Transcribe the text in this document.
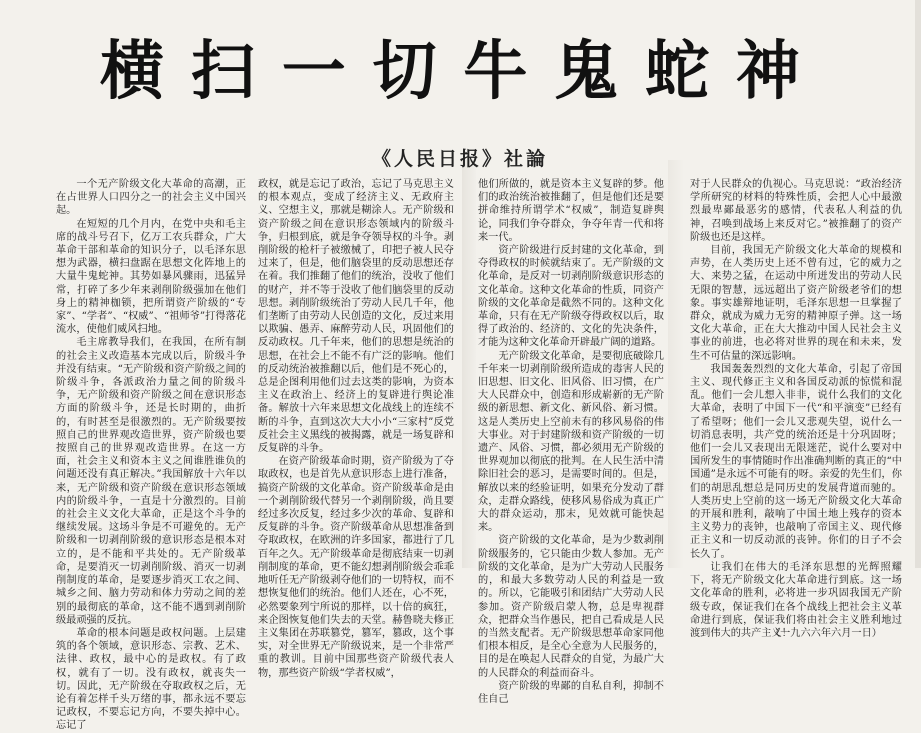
横 扫 一 切 牛 鬼 蛇 神
《人民日报》社論

一个无产阶级文化大革命的高潮，正在占世界人口四分之一的社会主义中国兴起。

在短短的几个月内，在党中央和毛主席的战斗号召下，亿万工农兵群众，广大革命干部和革命的知识分子，以毛泽东思想为武器，横扫盘踞在思想文化阵地上的大量牛鬼蛇神。其势如暴风骤雨，迅猛异常，打碎了多少年来剥削阶级强加在他们身上的精神枷锁，把所谓资产阶级的“专家”、“学者”、“权威”、“祖师爷”打得落花流水，使他们威风扫地。

毛主席教导我们，在我国，在所有制的社会主义改造基本完成以后，阶级斗争并没有结束。“无产阶级和资产阶级之间的阶级斗争，各派政治力量之间的阶级斗争，无产阶级和资产阶级之间在意识形态方面的阶级斗争，还是长时期的，曲折的，有时甚至是很激烈的。无产阶级要按照自己的世界观改造世界，资产阶级也要按照自己的世界观改造世界。在这一方面，社会主义和资本主义之间谁胜谁负的问题还没有真正解决。”我国解放十六年以来，无产阶级和资产阶级在意识形态领域内的阶级斗争，一直是十分激烈的。目前的社会主义文化大革命，正是这个斗争的继续发展。这场斗争是不可避免的。无产阶级和一切剥削阶级的意识形态是根本对立的，是不能和平共处的。无产阶级革命，是要消灭一切剥削阶级、消灭一切剥削制度的革命，是要逐步消灭工农之间、城乡之间、脑力劳动和体力劳动之间的差别的最彻底的革命，这不能不遇到剥削阶级最顽强的反抗。

革命的根本问题是政权问题。上层建筑的各个领域，意识形态、宗教、艺术、法律、政权，最中心的是政权。有了政权，就有了一切。没有政权，就丧失一切。因此，无产阶级在夺取政权之后，无论有着怎样千头万绪的事，都永远不要忘记政权，不要忘记方向，不要失掉中心。忘记了

政权，就是忘记了政治，忘记了马克思主义的根本观点，变成了经济主义、无政府主义、空想主义，那就是糊涂人。无产阶级和资产阶级之间在意识形态领域内的阶级斗争，归根到底，就是争夺领导权的斗争。剥削阶级的枪杆子被缴械了，印把子被人民夺过来了，但是，他们脑袋里的反动思想还存在着。我们推翻了他们的统治，没收了他们的财产，并不等于没收了他们脑袋里的反动思想。剥削阶级统治了劳动人民几千年，他们垄断了由劳动人民创造的文化，反过来用以欺骗、愚弄、麻醉劳动人民，巩固他们的反动政权。几千年来，他们的思想是统治的思想，在社会上不能不有广泛的影响。他们的反动统治被推翻以后，他们是不死心的，总是企图利用他们过去这类的影响，为资本主义在政治上、经济上的复辟进行舆论准备。解放十六年来思想文化战线上的连续不断的斗争，直到这次大大小小“三家村”反党反社会主义黑线的被揭露，就是一场复辟和反复辟的斗争。

在资产阶级革命时期，资产阶级为了夺取政权，也是首先从意识形态上进行准备，搞资产阶级的文化革命。资产阶级革命是由一个剥削阶级代替另一个剥削阶级，尚且要经过多次反复，经过多少次的革命、复辟和反复辟的斗争。资产阶级革命从思想准备到夺取政权，在欧洲的许多国家，都进行了几百年之久。无产阶级革命是彻底结束一切剥削制度的革命，更不能幻想剥削阶级会乖乖地听任无产阶级剥夺他们的一切特权，而不想恢复他们的统治。他们人还在，心不死，必然要象列宁所说的那样，以十倍的疯狂，来企图恢复他们失去的天堂。赫鲁晓夫修正主义集团在苏联篡党，篡军，篡政，这个事实，对全世界无产阶级说来，是一个非常严重的教训。目前中国那些资产阶级代表人物，那些资产阶级“学者权威”，

他们所做的，就是资本主义复辟的梦。他们的政治统治被推翻了，但是他们还是要拼命维持所谓学术“权威”，制造复辟舆论，同我们争夺群众，争夺年青一代和将来一代。

资产阶级进行反封建的文化革命，到夺得政权的时候就结束了。无产阶级的文化革命，是反对一切剥削阶级意识形态的文化革命。这种文化革命的性质，同资产阶级的文化革命是截然不同的。这种文化革命，只有在无产阶级夺得政权以后，取得了政治的、经济的、文化的先决条件，才能为这种文化革命开辟最广阔的道路。

无产阶级文化革命，是要彻底破除几千年来一切剥削阶级所造成的毒害人民的旧思想、旧文化、旧风俗、旧习惯，在广大人民群众中，创造和形成崭新的无产阶级的新思想、新文化、新风俗、新习惯。这是人类历史上空前未有的移风易俗的伟大事业。对于封建阶级和资产阶级的一切遗产、风俗、习惯，都必须用无产阶级的世界观加以彻底的批判。在人民生活中清除旧社会的恶习，是需要时间的。但是，解放以来的经验证明，如果充分发动了群众，走群众路线，使移风易俗成为真正广大的群众运动，那末，见效就可能快起来。

资产阶级的文化革命，是为少数剥削阶级服务的，它只能由少数人参加。无产阶级的文化革命，是为广大劳动人民服务的，和最大多数劳动人民的利益是一致的。所以，它能吸引和团结广大劳动人民参加。资产阶级启蒙人物，总是卑视群众，把群众当作愚民，把自己看成是人民的当然支配者。无产阶级思想革命家同他们根本相反，是全心全意为人民服务的，目的是在唤起人民群众的自觉，为最广大的人民群众的利益而奋斗。

资产阶级的卑鄙的自私自利，抑制不住自己

对于人民群众的仇视心。马克思说：“政治经济学所研究的材料的特殊性质，会把人心中最激烈最卑鄙最恶劣的感情，代表私人利益的仇神，召唤到战场上来反对它。”被推翻了的资产阶级也还是这样。

目前，我国无产阶级文化大革命的规模和声势，在人类历史上还不曾有过，它的威力之大、来势之猛，在运动中所迸发出的劳动人民无限的智慧，远远超出了资产阶级老爷们的想象。事实雄辩地证明，毛泽东思想一旦掌握了群众，就成为威力无穷的精神原子弹。这一场文化大革命，正在大大推动中国人民社会主义事业的前进，也必将对世界的现在和未来，发生不可估量的深远影响。

我国轰轰烈烈的文化大革命，引起了帝国主义、现代修正主义和各国反动派的惊慌和混乱。他们一会儿想入非非，说什么我们的文化大革命，表明了中国下一代“和平演变”已经有了希望呀；他们一会儿又悲观失望，说什么一切消息表明，共产党的统治还是十分巩固呀；他们一会儿又表现出无限迷茫，说什么要对中国所发生的事情随时作出准确判断的真正的“中国通”是永远不可能有的呀。亲爱的先生们，你们的胡思乱想总是同历史的发展背道而驰的。人类历史上空前的这一场无产阶级文化大革命的开展和胜利，敲响了中国土地上残存的资本主义势力的丧钟，也敲响了帝国主义、现代修正主义和一切反动派的丧钟。你们的日子不会长久了。

让我们在伟大的毛泽东思想的光辉照耀下，将无产阶级文化大革命进行到底。这一场文化革命的胜利，必将进一步巩固我国无产阶级专政，保证我们在各个战线上把社会主义革命进行到底，保证我们将由社会主义胜利地过渡到伟大的共产主义！

（一九六六年六月一日）
